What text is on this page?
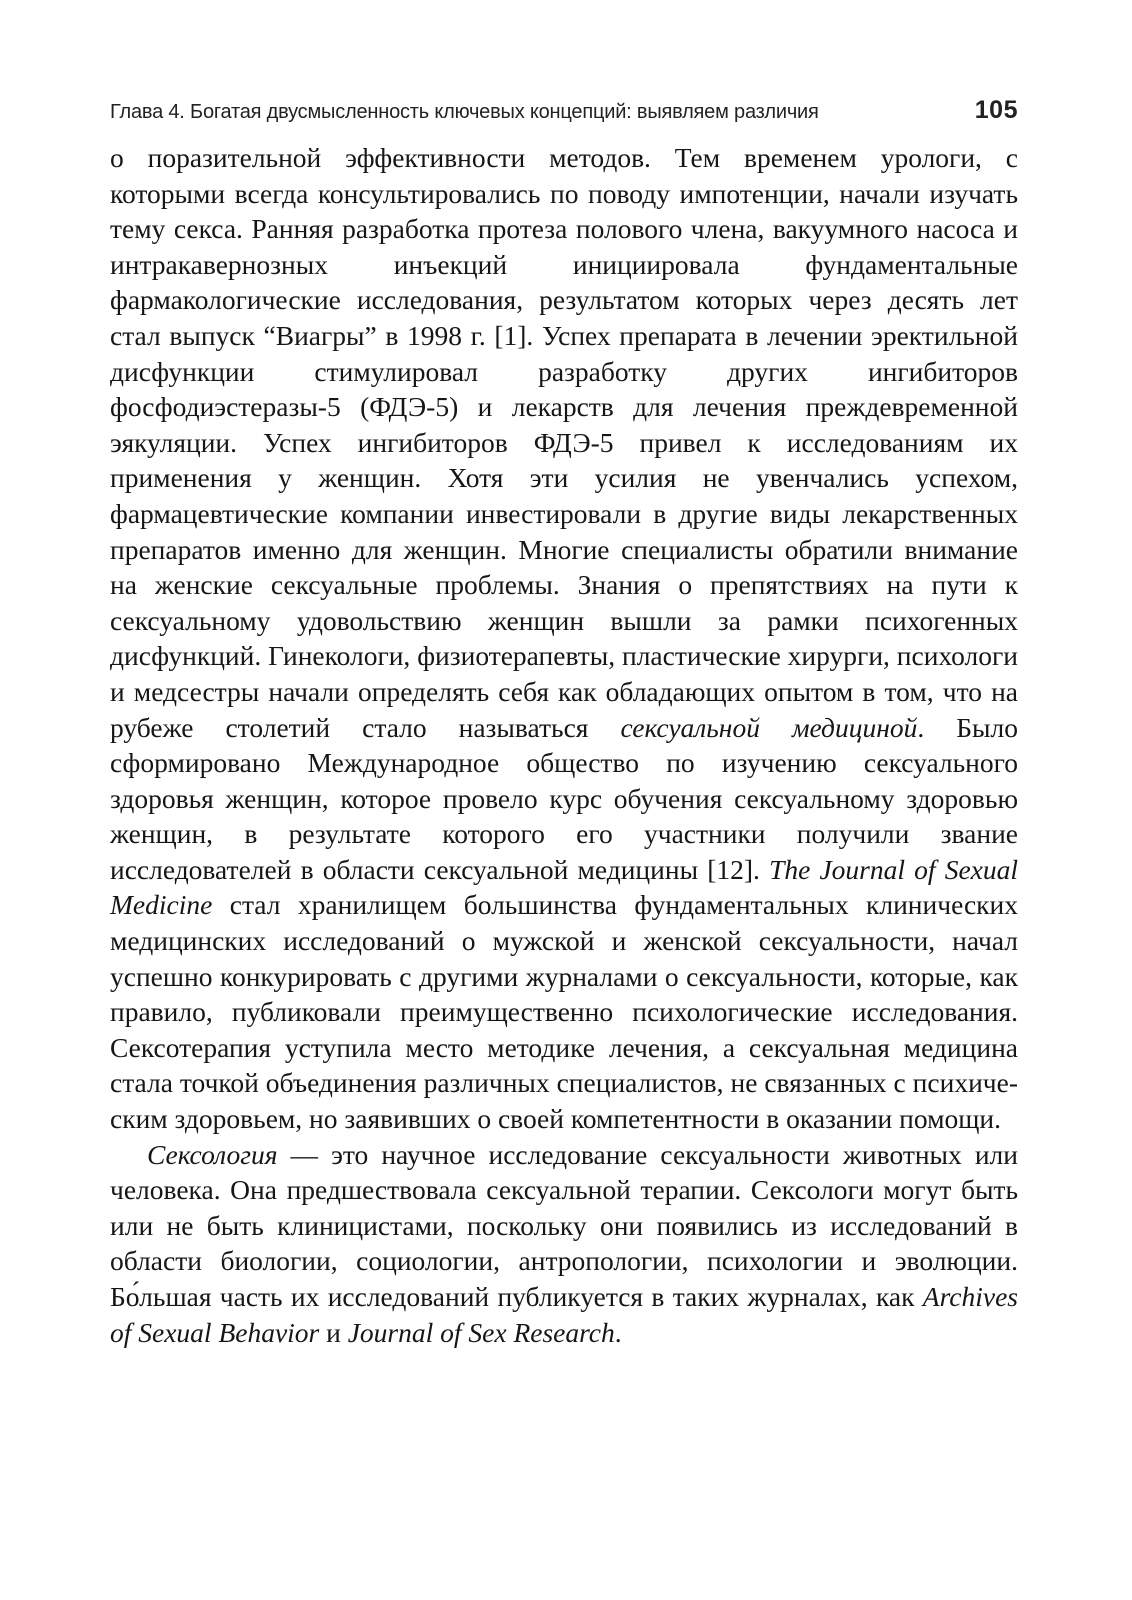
Глава 4. Богатая двусмысленность ключевых концепций: выявляем различия	105

о поразительной эффективности методов. Тем временем урологи, с которыми всегда консультировались по поводу импотенции, начали изучать тему секса. Ранняя разработка протеза полового члена, вакуумного насоса и интракавернозных инъекций инициировала фундаментальные фармакологические исследования, результатом которых через десять лет стал выпуск “Виагры” в 1998 г. [1]. Успех препарата в лечении эректильной дисфункции стимулировал разработку других ингибиторов фосфодиэстеразы-5 (ФДЭ-5) и лекарств для лечения преждевременной эякуляции. Успех ингибиторов ФДЭ-5 привел к исследованиям их применения у женщин. Хотя эти усилия не увенчались успехом, фармацевтические компании инвестировали в другие виды лекарственных препаратов именно для женщин. Многие специалисты обратили внимание на женские сексуальные проблемы. Знания о препятствиях на пути к сексуальному удовольствию женщин вышли за рамки психогенных дисфункций. Гинекологи, физиотерапевты, пластические хирурги, психологи и медсестры начали определять себя как обладающих опытом в том, что на рубеже столетий стало называться сексуальной медициной. Было сформировано Международное общество по изучению сексуального здоровья женщин, которое провело курс обучения сексуальному здоровью женщин, в результате которого его участники получили звание исследователей в области сексуальной медицины [12]. The Journal of Sexual Medicine стал хранилищем большинства фундаментальных клинических медицинских исследований о мужской и женской сексуальности, начал успешно конкурировать с другими журналами о сексуальности, которые, как правило, публиковали преимущественно психологические исследования. Сексотерапия уступила место методике лечения, а сексуальная медицина стала точкой объединения различных специалистов, не связанных с психическим здоровьем, но заявивших о своей компетентности в оказании помощи.

Сексология — это научное исследование сексуальности животных или человека. Она предшествовала сексуальной терапии. Сексологи могут быть или не быть клиницистами, поскольку они появились из исследований в области биологии, социологии, антропологии, психологии и эволюции. Бо́льшая часть их исследований публикуется в таких журналах, как Archives of Sexual Behavior и Journal of Sex Research.
